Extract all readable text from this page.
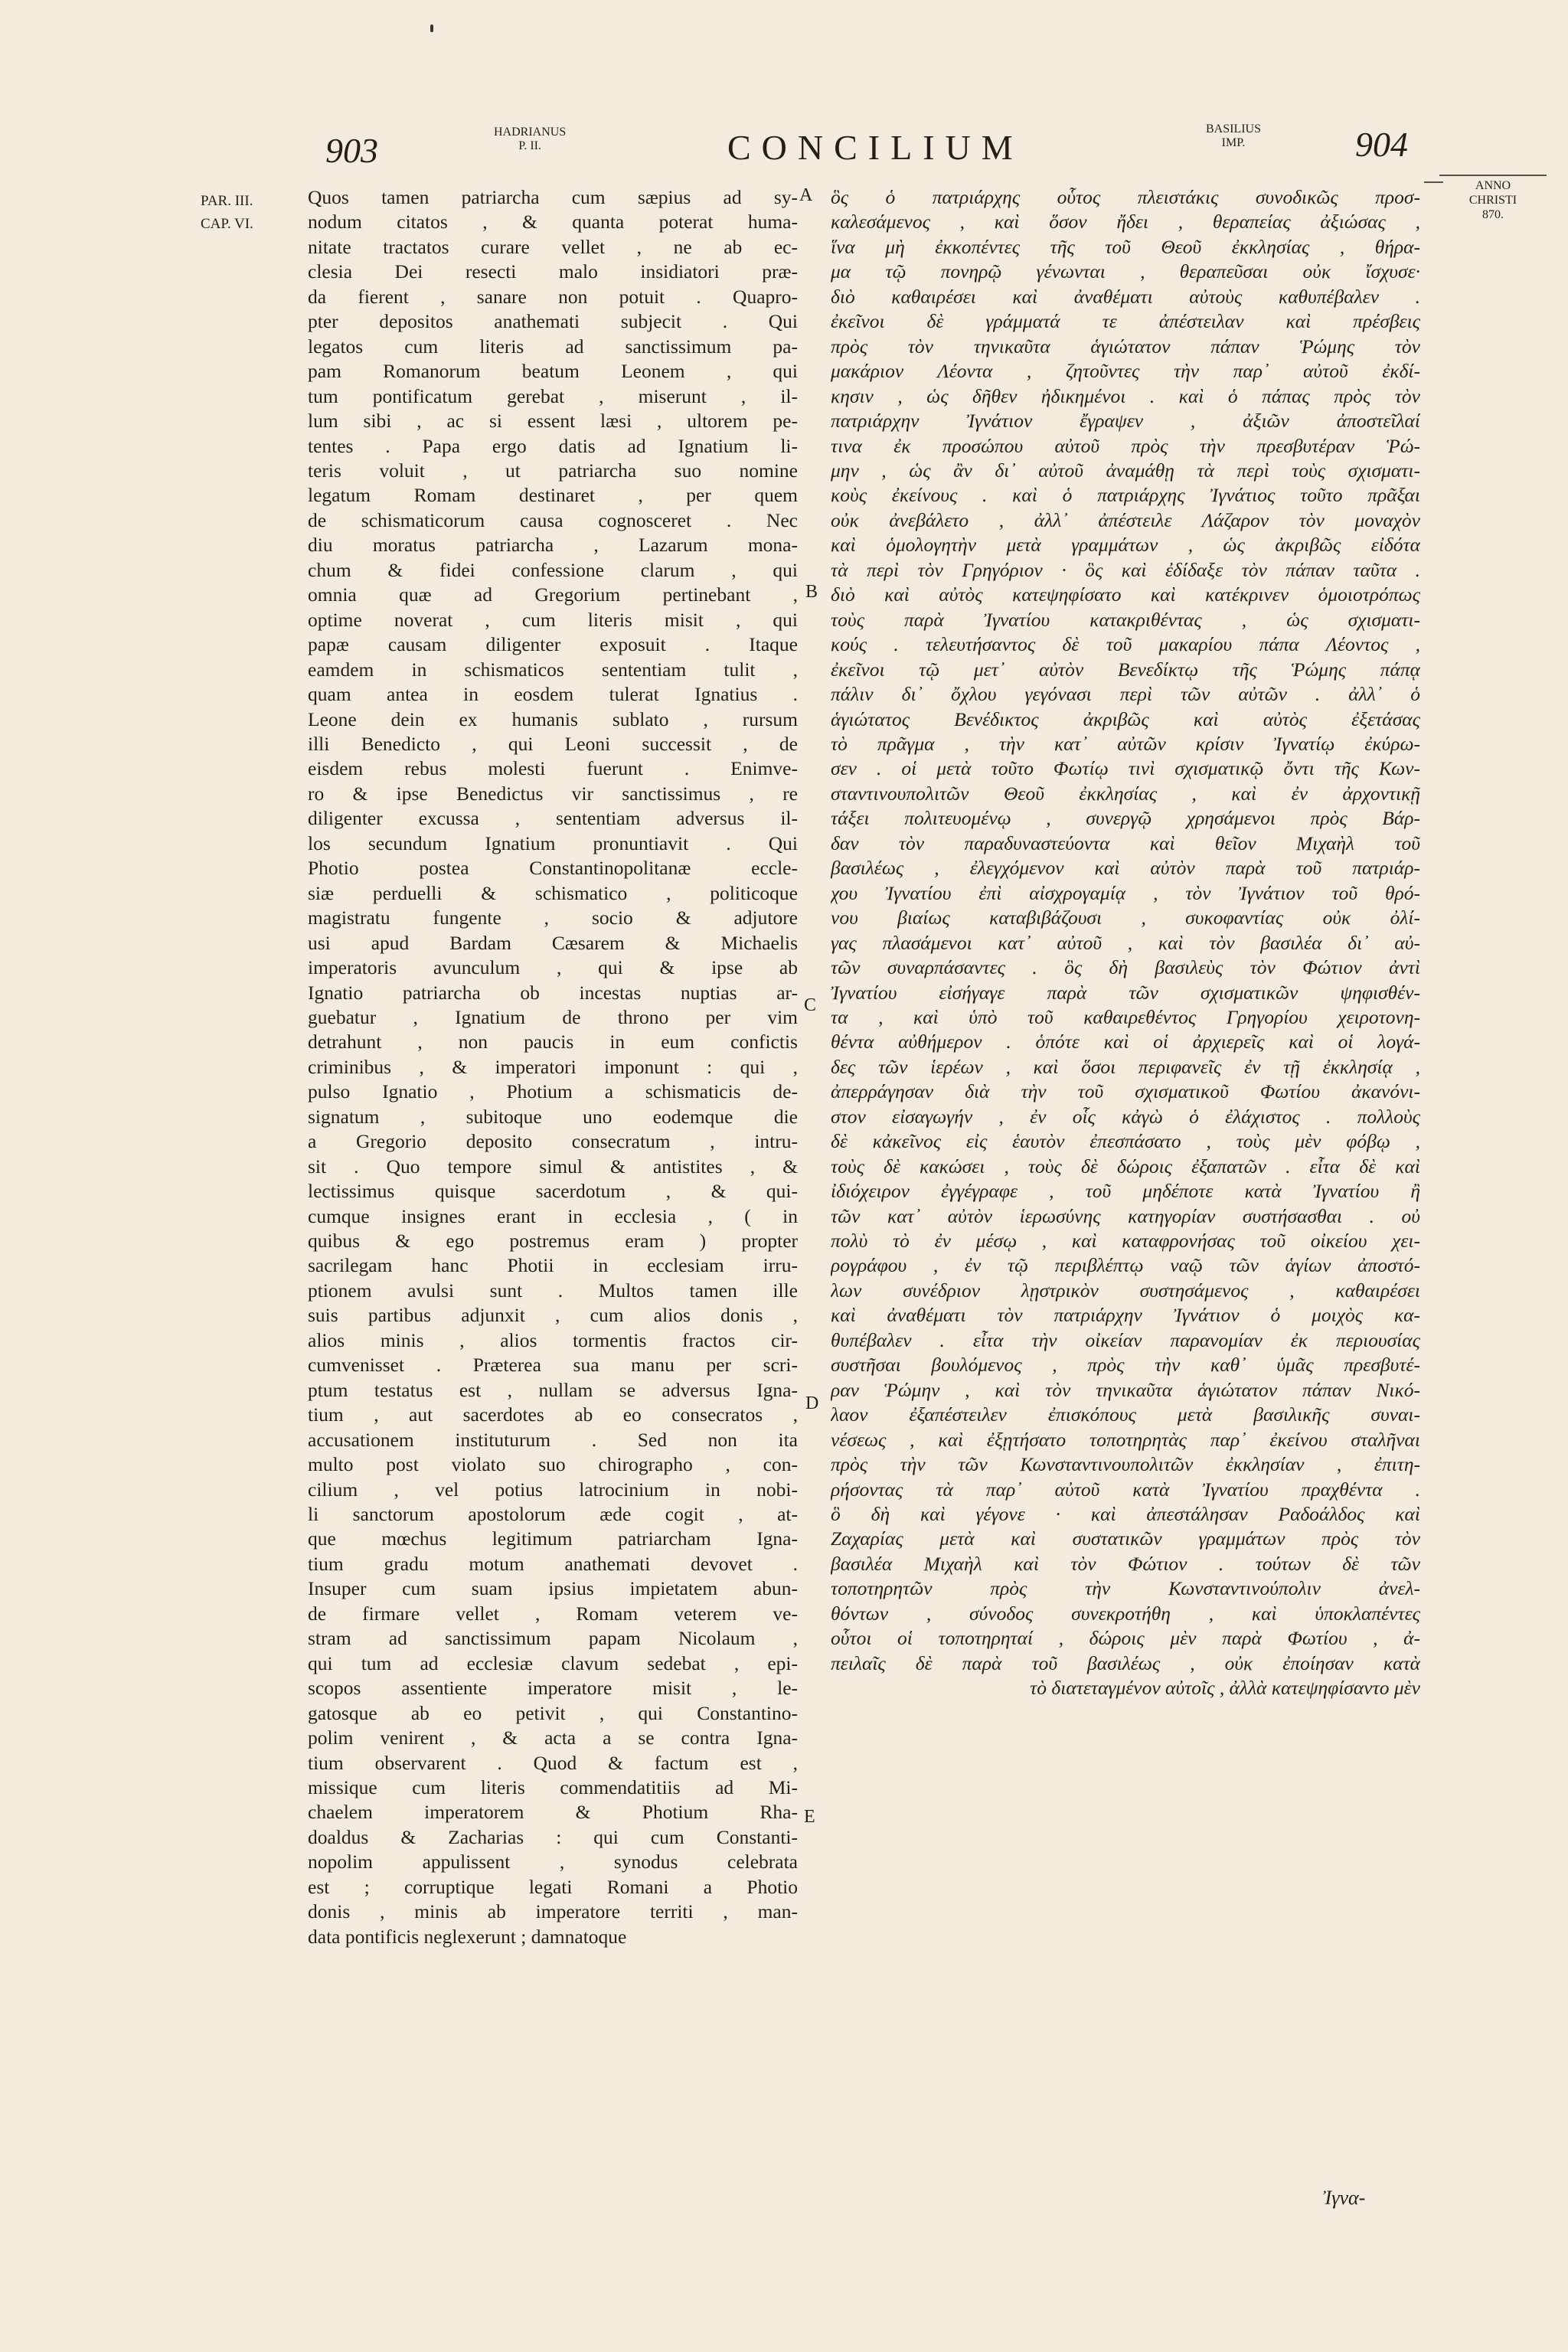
903	HADRIANUS
P. II.	CONCILIUM	BASILIUS
IMP.	904
ANNO
CHRISTI
870.
PAR. III.
CAP. VI.
Quos tamen patriarcha cum sæpius ad sy-
nodum citatos , & quanta poterat huma-
nitate tractatos curare vellet , ne ab ec-
clesia Dei resecti malo insidiatori præ-
da fierent , sanare non potuit . Quapro-
pter depositos anathemati subjecit . Qui
legatos cum literis ad sanctissimum pa-
pam Romanorum beatum Leonem , qui
tum pontificatum gerebat , miserunt , il-
lum sibi , ac si essent læsi , ultorem pe-
tentes . Papa ergo datis ad Ignatium li-
teris voluit , ut patriarcha suo nomine
legatum Romam destinaret , per quem
de schismaticorum causa cognosceret . Nec
diu moratus patriarcha , Lazarum mona-
chum & fidei confessione clarum , qui
omnia quæ ad Gregorium pertinebant ,
optime noverat , cum literis misit , qui
papæ causam diligenter exposuit . Itaque
eamdem in schismaticos sententiam tulit ,
quam antea in eosdem tulerat Ignatius .
Leone dein ex humanis sublato , rursum
illi Benedicto , qui Leoni successit , de
eisdem rebus molesti fuerunt . Enimve-
ro & ipse Benedictus vir sanctissimus , re
diligenter excussa , sententiam adversus il-
los secundum Ignatium pronuntiavit . Qui
Photio postea Constantinopolitanæ eccle-
siæ perduelli & schismatico , politicoque
magistratu fungente , socio & adjutore
usi apud Bardam Cæsarem & Michaelis
imperatoris avunculum , qui & ipse ab
Ignatio patriarcha ob incestas nuptias ar-
guebatur , Ignatium de throno per vim
detrahunt , non paucis in eum confictis
criminibus , & imperatori imponunt : qui ,
pulso Ignatio , Photium a schismaticis de-
signatum , subitoque uno eodemque die
a Gregorio deposito consecratum , intru-
sit . Quo tempore simul & antistites , &
lectissimus quisque sacerdotum , & qui-
cumque insignes erant in ecclesia , ( in
quibus & ego postremus eram ) propter
sacrilegam hanc Photii in ecclesiam irru-
ptionem avulsi sunt . Multos tamen ille
suis partibus adjunxit , cum alios donis ,
alios minis , alios tormentis fractos cir-
cumvenisset . Præterea sua manu per scri-
ptum testatus est , nullam se adversus Igna-
tium , aut sacerdotes ab eo consecratos ,
accusationem instituturum . Sed non ita
multo post violato suo chirographo , con-
cilium , vel potius latrocinium in nobi-
li sanctorum apostolorum æde cogit , at-
que mœchus legitimum patriarcham Igna-
tium gradu motum anathemati devovet .
Insuper cum suam ipsius impietatem abun-
de firmare vellet , Romam veterem ve-
stram ad sanctissimum papam Nicolaum ,
qui tum ad ecclesiæ clavum sedebat , epi-
scopos assentiente imperatore misit , le-
gatosque ab eo petivit , qui Constantino-
polim venirent , & acta a se contra Igna-
tium observarent . Quod & factum est ,
missique cum literis commendatitiis ad Mi-
chaelem imperatorem & Photium Rha-
doaldus & Zacharias : qui cum Constanti-
nopolim appulissent , synodus celebrata
est ; corruptique legati Romani a Photio
donis , minis ab imperatore territi , man-
data pontificis neglexerunt ; damnatoque
ὃς ὁ πατριάρχης οὗτος πλειστάκις συνοδικῶς προσ-
καλεσάμενος , καὶ ὅσον ἤδει , θεραπείας ἀξιώσας ,
ἵνα μὴ ἐκκοπέντες τῆς τοῦ Θεοῦ ἐκκλησίας , θήρα-
μα τῷ πονηρῷ γένωνται , θεραπεῦσαι οὐκ ἴσχυσε·
διὸ καθαιρέσει καὶ ἀναθέματι αὐτοὺς καθυπέβαλεν .
ἐκεῖνοι δὲ γράμματά τε ἀπέστειλαν καὶ πρέσβεις
πρὸς τὸν τηνικαῦτα ἁγιώτατον πάπαν Ῥώμης τὸν
μακάριον Λέοντα , ζητοῦντες τὴν παρ᾽ αὐτοῦ ἐκδί-
κησιν , ὡς δῆθεν ἠδικημένοι . καὶ ὁ πάπας πρὸς τὸν
πατριάρχην Ἰγνάτιον ἔγραψεν , ἀξιῶν ἀποστεῖλαί
τινα ἐκ προσώπου αὐτοῦ πρὸς τὴν πρεσβυτέραν Ῥώ-
μην , ὡς ἂν δι᾽ αὐτοῦ ἀναμάθῃ τὰ περὶ τοὺς σχισματι-
κοὺς ἐκείνους . καὶ ὁ πατριάρχης Ἰγνάτιος τοῦτο πρᾶξαι
οὐκ ἀνεβάλετο , ἀλλ᾽ ἀπέστειλε Λάζαρον τὸν μοναχὸν
καὶ ὁμολογητὴν μετὰ γραμμάτων , ὡς ἀκριβῶς εἰδότα
τὰ περὶ τὸν Γρηγόριον · ὃς καὶ ἐδίδαξε τὸν πάπαν ταῦτα .
διὸ καὶ αὐτὸς κατεψηφίσατο καὶ κατέκρινεν ὁμοιοτρόπως
τοὺς παρὰ Ἰγνατίου κατακριθέντας , ὡς σχισματι-
κούς . τελευτήσαντος δὲ τοῦ μακαρίου πάπα Λέοντος ,
ἐκεῖνοι τῷ μετ᾽ αὐτὸν Βενεδίκτῳ τῆς Ῥώμης πάπᾳ
πάλιν δι᾽ ὄχλου γεγόνασι περὶ τῶν αὐτῶν . ἀλλ᾽ ὁ
ἁγιώτατος Βενέδικτος ἀκριβῶς καὶ αὐτὸς ἐξετάσας
τὸ πρᾶγμα , τὴν κατ᾽ αὐτῶν κρίσιν Ἰγνατίῳ ἐκύρω-
σεν . οἱ μετὰ τοῦτο Φωτίῳ τινὶ σχισματικῷ ὄντι τῆς Κων-
σταντινουπολιτῶν Θεοῦ ἐκκλησίας , καὶ ἐν ἀρχοντικῇ
τάξει πολιτευομένῳ , συνεργῷ χρησάμενοι πρὸς Βάρ-
δαν τὸν παραδυναστεύοντα καὶ θεῖον Μιχαὴλ τοῦ
βασιλέως , ἐλεγχόμενον καὶ αὐτὸν παρὰ τοῦ πατριάρ-
χου Ἰγνατίου ἐπὶ αἰσχρογαμίᾳ , τὸν Ἰγνάτιον τοῦ θρό-
νου βιαίως καταβιβάζουσι , συκοφαντίας οὐκ ὀλί-
γας πλασάμενοι κατ᾽ αὐτοῦ , καὶ τὸν βασιλέα δι᾽ αὐ-
τῶν συναρπάσαντες . ὃς δὴ βασιλεὺς τὸν Φώτιον ἀντὶ
Ἰγνατίου εἰσήγαγε παρὰ τῶν σχισματικῶν ψηφισθέν-
τα , καὶ ὑπὸ τοῦ καθαιρεθέντος Γρηγορίου χειροτονη-
θέντα αὐθήμερον . ὁπότε καὶ οἱ ἀρχιερεῖς καὶ οἱ λογά-
δες τῶν ἱερέων , καὶ ὅσοι περιφανεῖς ἐν τῇ ἐκκλησίᾳ ,
ἀπερράγησαν διὰ τὴν τοῦ σχισματικοῦ Φωτίου ἀκανόνι-
στον εἰσαγωγήν , ἐν οἷς κἀγὼ ὁ ἐλάχιστος . πολλοὺς
δὲ κἀκεῖνος εἰς ἑαυτὸν ἐπεσπάσατο , τοὺς μὲν φόβῳ ,
τοὺς δὲ κακώσει , τοὺς δὲ δώροις ἐξαπατῶν . εἶτα δὲ καὶ
ἰδιόχειρον ἐγγέγραφε , τοῦ μηδέποτε κατὰ Ἰγνατίου ἢ
τῶν κατ᾽ αὐτὸν ἱερωσύνης κατηγορίαν συστήσασθαι . οὐ
πολὺ τὸ ἐν μέσῳ , καὶ καταφρονήσας τοῦ οἰκείου χει-
ρογράφου , ἐν τῷ περιβλέπτῳ ναῷ τῶν ἁγίων ἀποστό-
λων συνέδριον λῃστρικὸν συστησάμενος , καθαιρέσει
καὶ ἀναθέματι τὸν πατριάρχην Ἰγνάτιον ὁ μοιχὸς κα-
θυπέβαλεν . εἶτα τὴν οἰκείαν παρανομίαν ἐκ περιουσίας
συστῆσαι βουλόμενος , πρὸς τὴν καθ᾽ ὑμᾶς πρεσβυτέ-
ραν Ῥώμην , καὶ τὸν τηνικαῦτα ἁγιώτατον πάπαν Νικό-
λαον ἐξαπέστειλεν ἐπισκόπους μετὰ βασιλικῆς συναι-
νέσεως , καὶ ἐξῃτήσατο τοποτηρητὰς παρ᾽ ἐκείνου σταλῆναι
πρὸς τὴν τῶν Κωνσταντινουπολιτῶν ἐκκλησίαν , ἐπιτη-
ρήσοντας τὰ παρ᾽ αὐτοῦ κατὰ Ἰγνατίου πραχθέντα .
ὃ δὴ καὶ γέγονε · καὶ ἀπεστάλησαν Ραδοάλδος καὶ
Ζαχαρίας μετὰ καὶ συστατικῶν γραμμάτων πρὸς τὸν
βασιλέα Μιχαὴλ καὶ τὸν Φώτιον . τούτων δὲ τῶν
τοποτηρητῶν πρὸς τὴν Κωνσταντινούπολιν ἀνελ-
θόντων , σύνοδος συνεκροτήθη , καὶ ὑποκλαπέντες
οὗτοι οἱ τοποτηρηταί , δώροις μὲν παρὰ Φωτίου , ἀ-
πειλαῖς δὲ παρὰ τοῦ βασιλέως , οὐκ ἐποίησαν κατὰ
τὸ διατεταγμένον αὐτοῖς , ἀλλὰ κατεψηφίσαντο μὲν
A
B
C
D
E
Ἰγνα-
